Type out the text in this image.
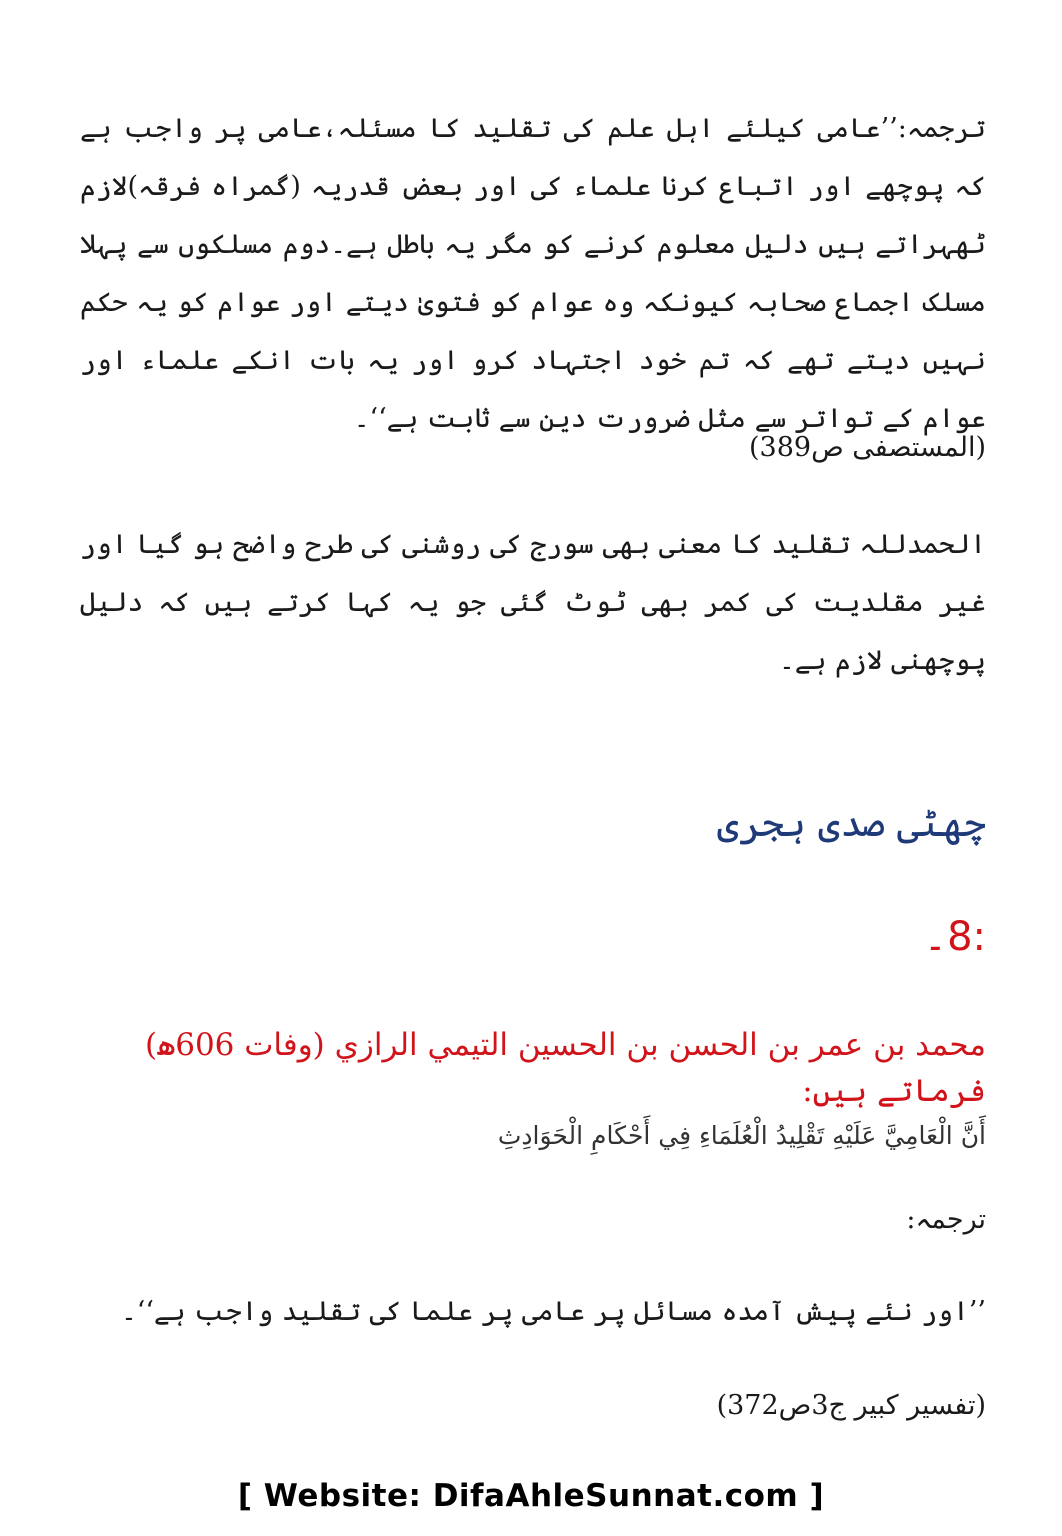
ترجمہ:’’عامی کیلئے اہل علم کی تقلید کا مسئلہ،عامی پر واجب ہے کہ پوچھے اور اتباع کرنا علماء کی اور بعض قدریہ (گمراہ فرقہ)لازم ٹھہراتے ہیں دلیل معلوم کرنے کو مگر یہ باطل ہے۔دوم مسلکوں سے پہلا مسلک اجماع صحابہ کیونکہ وہ عوام کو فتویٰ دیتے اور عوام کو یہ حکم نہیں دیتے تھے کہ تم خود اجتہاد کرو اور یہ بات انکے علماء اور عوام کے تواتر سے مثل ضرورت دین سے ثابت ہے‘‘۔
(المستصفی ص389)
الحمدللہ تقلید کا معنی بھی سورج کی روشنی کی طرح واضح ہو گیا اور غیر مقلدیت کی کمر بھی ٹوٹ گئی جو یہ کہا کرتے ہیں کہ دلیل پوچھنی لازم ہے۔
چھٹی صدی ہجری
:8۔
محمد بن عمر بن الحسن بن الحسین التیمي الرازي (وفات 606ھ) فرماتے ہیں:
أَنَّ الْعَامِيَّ عَلَيْهِ تَقْلِيدُ الْعُلَمَاءِ فِي أَحْكَامِ الْحَوَادِثِ
ترجمہ:
’’اور نئے پیش آمدہ مسائل پر عامی پر علما کی تقلید واجب ہے‘‘۔
(تفسیر کبیر ج3ص372)
[ Website: DifaAhleSunnat.com ]
